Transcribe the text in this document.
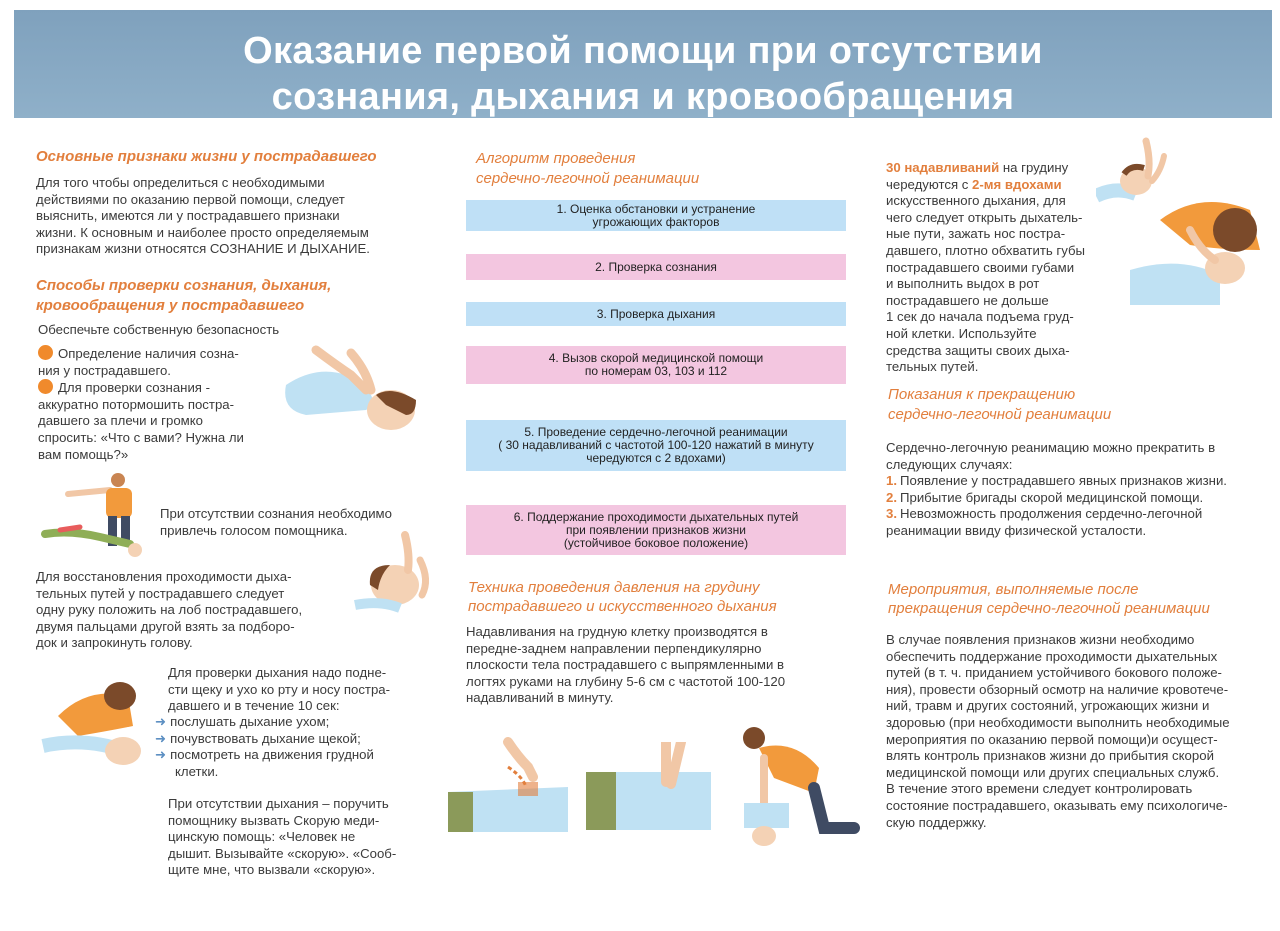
Оказание первой помощи при отсутствии
сознания, дыхания и кровообращения
Основные признаки жизни у пострадавшего

Для того чтобы определиться с необходимыми

действиями по оказанию первой помощи, следует

выяснить, имеются ли у пострадавшего признаки

жизни. К основным и наиболее просто определяемым

признакам жизни относятся СОЗНАНИЕ И ДЫХАНИЕ.

Способы проверки сознания, дыхания,
кровообращения у пострадавшего
Обеспечьте собственную безопасность

Определение наличия созна-

ния у пострадавшего.

Для проверки сознания -

аккуратно потормошить постра-

давшего за плечи и громко

спросить: «Что с вами? Нужна ли

вам помощь?»

При отсутствии сознания необходимо

привлечь голосом помощника.

Для восстановления проходимости дыха-

тельных путей у пострадавшего следует

одну руку положить на лоб пострадавшего,

двумя пальцами другой взять за подборо-

док и запрокинуть голову.

Для проверки дыхания надо подне-

сти щеку и ухо ко рту и носу постра-

давшего и в течение 10 сек:

➜ послушать дыхание ухом;

➜ почувствовать дыхание щекой;

➜ посмотреть на движения грудной

клетки.

При отсутствии дыхания – поручить

помощнику вызвать Скорую меди-

цинскую помощь: «Человек не

дышит. Вызывайте «скорую». «Сооб-

щите мне, что вызвали «скорую».

Алгоритм проведения
сердечно-легочной реанимации
1. Оценка обстановки и устранение
угрожающих факторов
2. Проверка сознания
3. Проверка дыхания
4. Вызов скорой медицинской помощи
по номерам 03, 103 и 112
5. Проведение сердечно-легочной реанимации
( 30 надавливаний с частотой 100-120 нажатий в минуту
чередуются с 2 вдохами)
6. Поддержание проходимости дыхательных путей
при появлении признаков жизни
(устойчивое боковое положение)
Техника проведения давления на грудину
пострадавшего и искусственного дыхания

Надавливания на грудную клетку производятся в

передне-заднем направлении перпендикулярно

плоскости тела пострадавшего с выпрямленными в

логтях руками на глубину 5-6 см с частотой 100-120

надавливаний в минуту.

30 надавливаний на грудину

чередуются с 2-мя вдохами

искусственного дыхания, для

чего следует открыть дыхатель-

ные пути, зажать нос постра-

давшего, плотно обхватить губы

пострадавшего своими губами

и выполнить выдох в рот

пострадавшего не дольше

1 сек до начала подъема груд-

ной клетки. Используйте

средства защиты своих дыха-

тельных путей.

Показания к прекращению
сердечно-легочной реанимации

Сердечно-легочную реанимацию можно прекратить в

следующих случаях:

1. Появление у пострадавшего явных признаков жизни.

2. Прибытие бригады скорой медицинской помощи.

3. Невозможность продолжения сердечно-легочной

реанимации ввиду физической усталости.

Мероприятия, выполняемые после
прекращения сердечно-легочной реанимации

В случае появления признаков жизни необходимо

обеспечить поддержание проходимости дыхательных

путей (в т. ч. приданием устойчивого бокового положе-

ния), провести обзорный осмотр на наличие кровотече-

ний, травм и других состояний, угрожающих жизни и

здоровью (при необходимости выполнить необходимые

мероприятия по оказанию первой помощи)и осущест-

влять контроль признаков жизни до прибытия скорой

медицинской помощи или других специальных служб.

В течение этого времени следует контролировать

состояние пострадавшего, оказывать ему психологиче-

скую поддержку.
